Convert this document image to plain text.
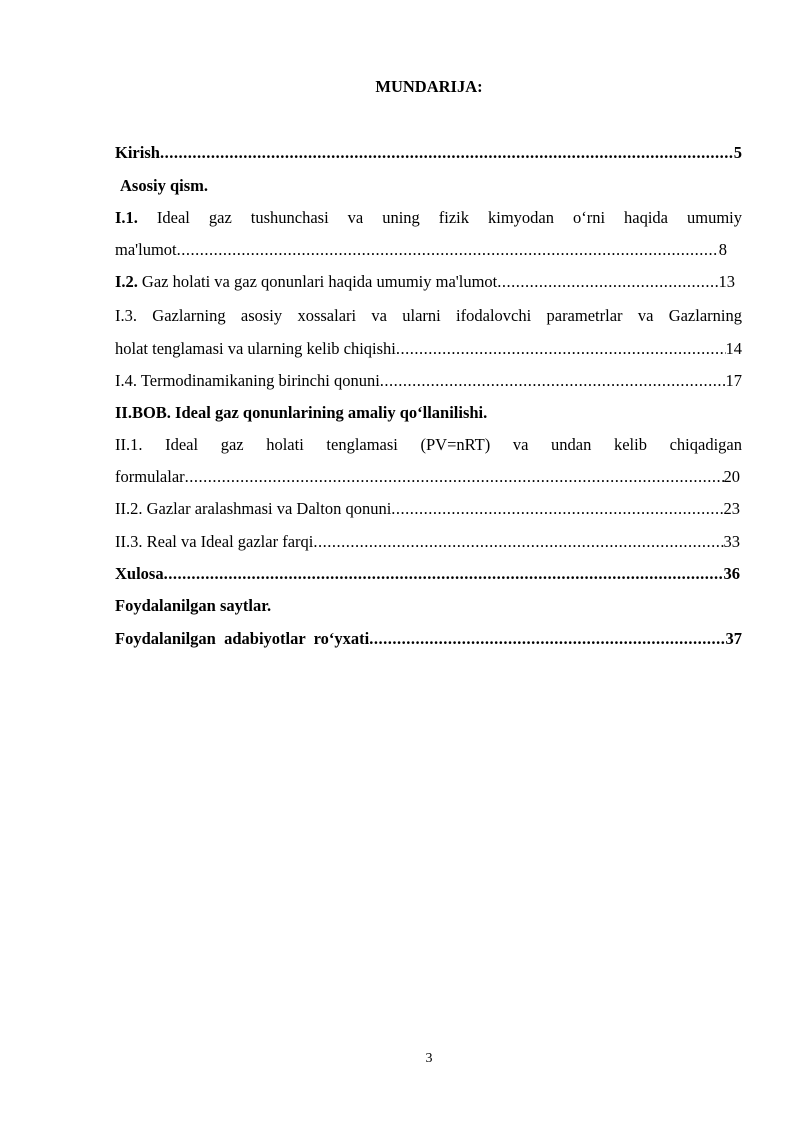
MUNDARIJA:
Kirish .....	5
Asosiy qism.
I.1. Ideal gaz tushunchasi va uning fizik kimyodan o‘rni haqida umumiy
ma'lumot .....	8
I.2. Gaz holati va gaz qonunlari haqida umumiy ma'lumot .....	13
I.3. Gazlarning asosiy xossalari va ularni ifodalovchi parametrlar va Gazlarning
holat tenglamasi va ularning kelib chiqishi .....	14
I.4. Termodinamikaning birinchi qonuni .....	17
II.BOB. Ideal gaz qonunlarining amaliy qo‘llanilishi.
II.1. Ideal gaz holati tenglamasi (PV=nRT) va undan kelib chiqadigan
formulalar .....	20
II.2. Gazlar aralashmasi va Dalton qonuni .....	23
II.3. Real va Ideal gazlar farqi .....	33
Xulosa .....	36
Foydalanilgan saytlar.
Foydalanilgan  adabiyotlar  ro‘yxati .....	37
3
